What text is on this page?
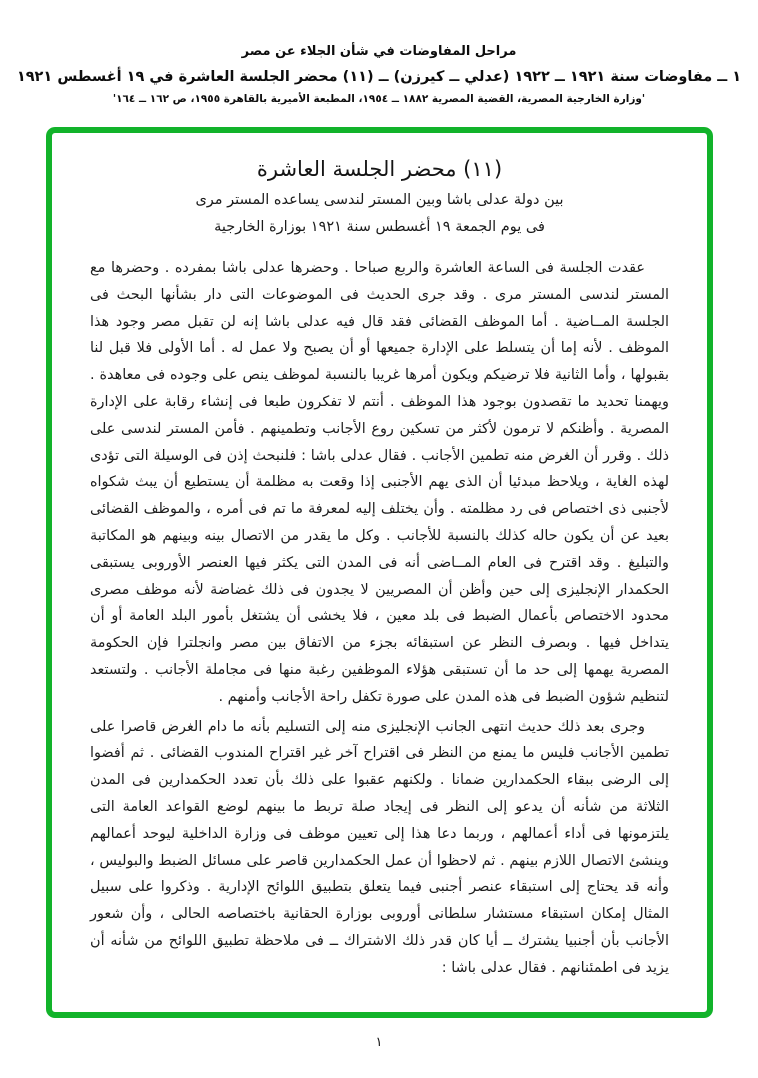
مراحل المفاوضات في شأن الجلاء عن مصر
١ ــ مفاوضات سنة ١٩٢١ ــ ١٩٢٢ (عدلي ــ كيرزن) ــ (١١) محضر الجلسة العاشرة في ١٩ أغسطس ١٩٢١
'وزارة الخارجية المصرية، القضية المصرية ١٨٨٢ ــ ١٩٥٤، المطبعة الأميرية بالقاهرة ١٩٥٥، ص ١٦٢ ــ ١٦٤'
(١١) محضر الجلسة العاشرة
بين دولة عدلى باشا وبين المستر لندسى يساعده المستر مرى
فى يوم الجمعة ١٩ أغسطس سنة ١٩٢١ بوزارة الخارجية

عقدت الجلسة فى الساعة العاشرة والربع صباحا . وحضرها عدلى باشا بمفرده . وحضرها مع المستر لندسى المستر مرى . وقد جرى الحديث فى الموضوعات التى دار بشأنها البحث فى الجلسة المــاضية . أما الموظف القضائى فقد قال فيه عدلى باشا إنه لن تقبل مصر وجود هذا الموظف . لأنه إما أن يتسلط على الإدارة جميعها أو أن يصبح ولا عمل له . أما الأولى فلا قبل لنا بقبولها ، وأما الثانية فلا ترضيكم ويكون أمرها غريبا بالنسبة لموظف ينص على وجوده فى معاهدة . ويهمنا تحديد ما تقصدون بوجود هذا الموظف . أنتم لا تفكرون طبعا فى إنشاء رقابة على الإدارة المصرية . وأظنكم لا ترمون لأكثر من تسكين روع الأجانب وتطمينهم . فأمن المستر لندسى على ذلك . وقرر أن الغرض منه تطمين الأجانب . فقال عدلى باشا : فلنبحث إذن فى الوسيلة التى تؤدى لهذه الغاية ، ويلاحظ مبدئيا أن الذى يهم الأجنبى إذا وقعت به مظلمة أن يستطيع أن يبث شكواه لأجنبى ذى اختصاص فى رد مظلمته . وأن يختلف إليه لمعرفة ما تم فى أمره ، والموظف القضائى بعيد عن أن يكون حاله كذلك بالنسبة للأجانب . وكل ما يقدر من الاتصال بينه وبينهم هو المكاتبة والتبليغ . وقد اقترح فى العام المــاضى أنه فى المدن التى يكثر فيها العنصر الأوروبى يستبقى الحكمدار الإنجليزى إلى حين وأظن أن المصريين لا يجدون فى ذلك غضاضة لأنه موظف مصرى محدود الاختصاص بأعمال الضبط فى بلد معين ، فلا يخشى أن يشتغل بأمور البلد العامة أو أن يتداخل فيها . وبصرف النظر عن استبقائه بجزء من الاتفاق بين مصر وانجلترا فإن الحكومة المصرية يهمها إلى حد ما أن تستبقى هؤلاء الموظفين رغبة منها فى مجاملة الأجانب . ولتستعد لتنظيم شؤون الضبط فى هذه المدن على صورة تكفل راحة الأجانب وأمنهم .

وجرى بعد ذلك حديث انتهى الجانب الإنجليزى منه إلى التسليم بأنه ما دام الغرض قاصرا على تطمين الأجانب فليس ما يمنع من النظر فى اقتراح آخر غير اقتراح المندوب القضائى . ثم أفضوا إلى الرضى ببقاء الحكمدارين ضمانا . ولكنهم عقبوا على ذلك بأن تعدد الحكمدارين فى المدن الثلاثة من شأنه أن يدعو إلى النظر فى إيجاد صلة تربط ما بينهم لوضع القواعد العامة التى يلتزمونها فى أداء أعمالهم ، وربما دعا هذا إلى تعيين موظف فى وزارة الداخلية ليوحد أعمالهم وينشئ الاتصال اللازم بينهم . ثم لاحظوا أن عمل الحكمدارين قاصر على مسائل الضبط والبوليس ، وأنه قد يحتاج إلى استبقاء عنصر أجنبى فيما يتعلق بتطبيق اللوائح الإدارية . وذكروا على سبيل المثال إمكان استبقاء مستشار سلطانى أوروبى بوزارة الحقانية باختصاصه الحالى ، وأن شعور الأجانب بأن أجنبيا يشترك ــ أيا كان قدر ذلك الاشتراك ــ فى ملاحظة تطبيق اللوائح من شأنه أن يزيد فى اطمئنانهم . فقال عدلى باشا :

١
